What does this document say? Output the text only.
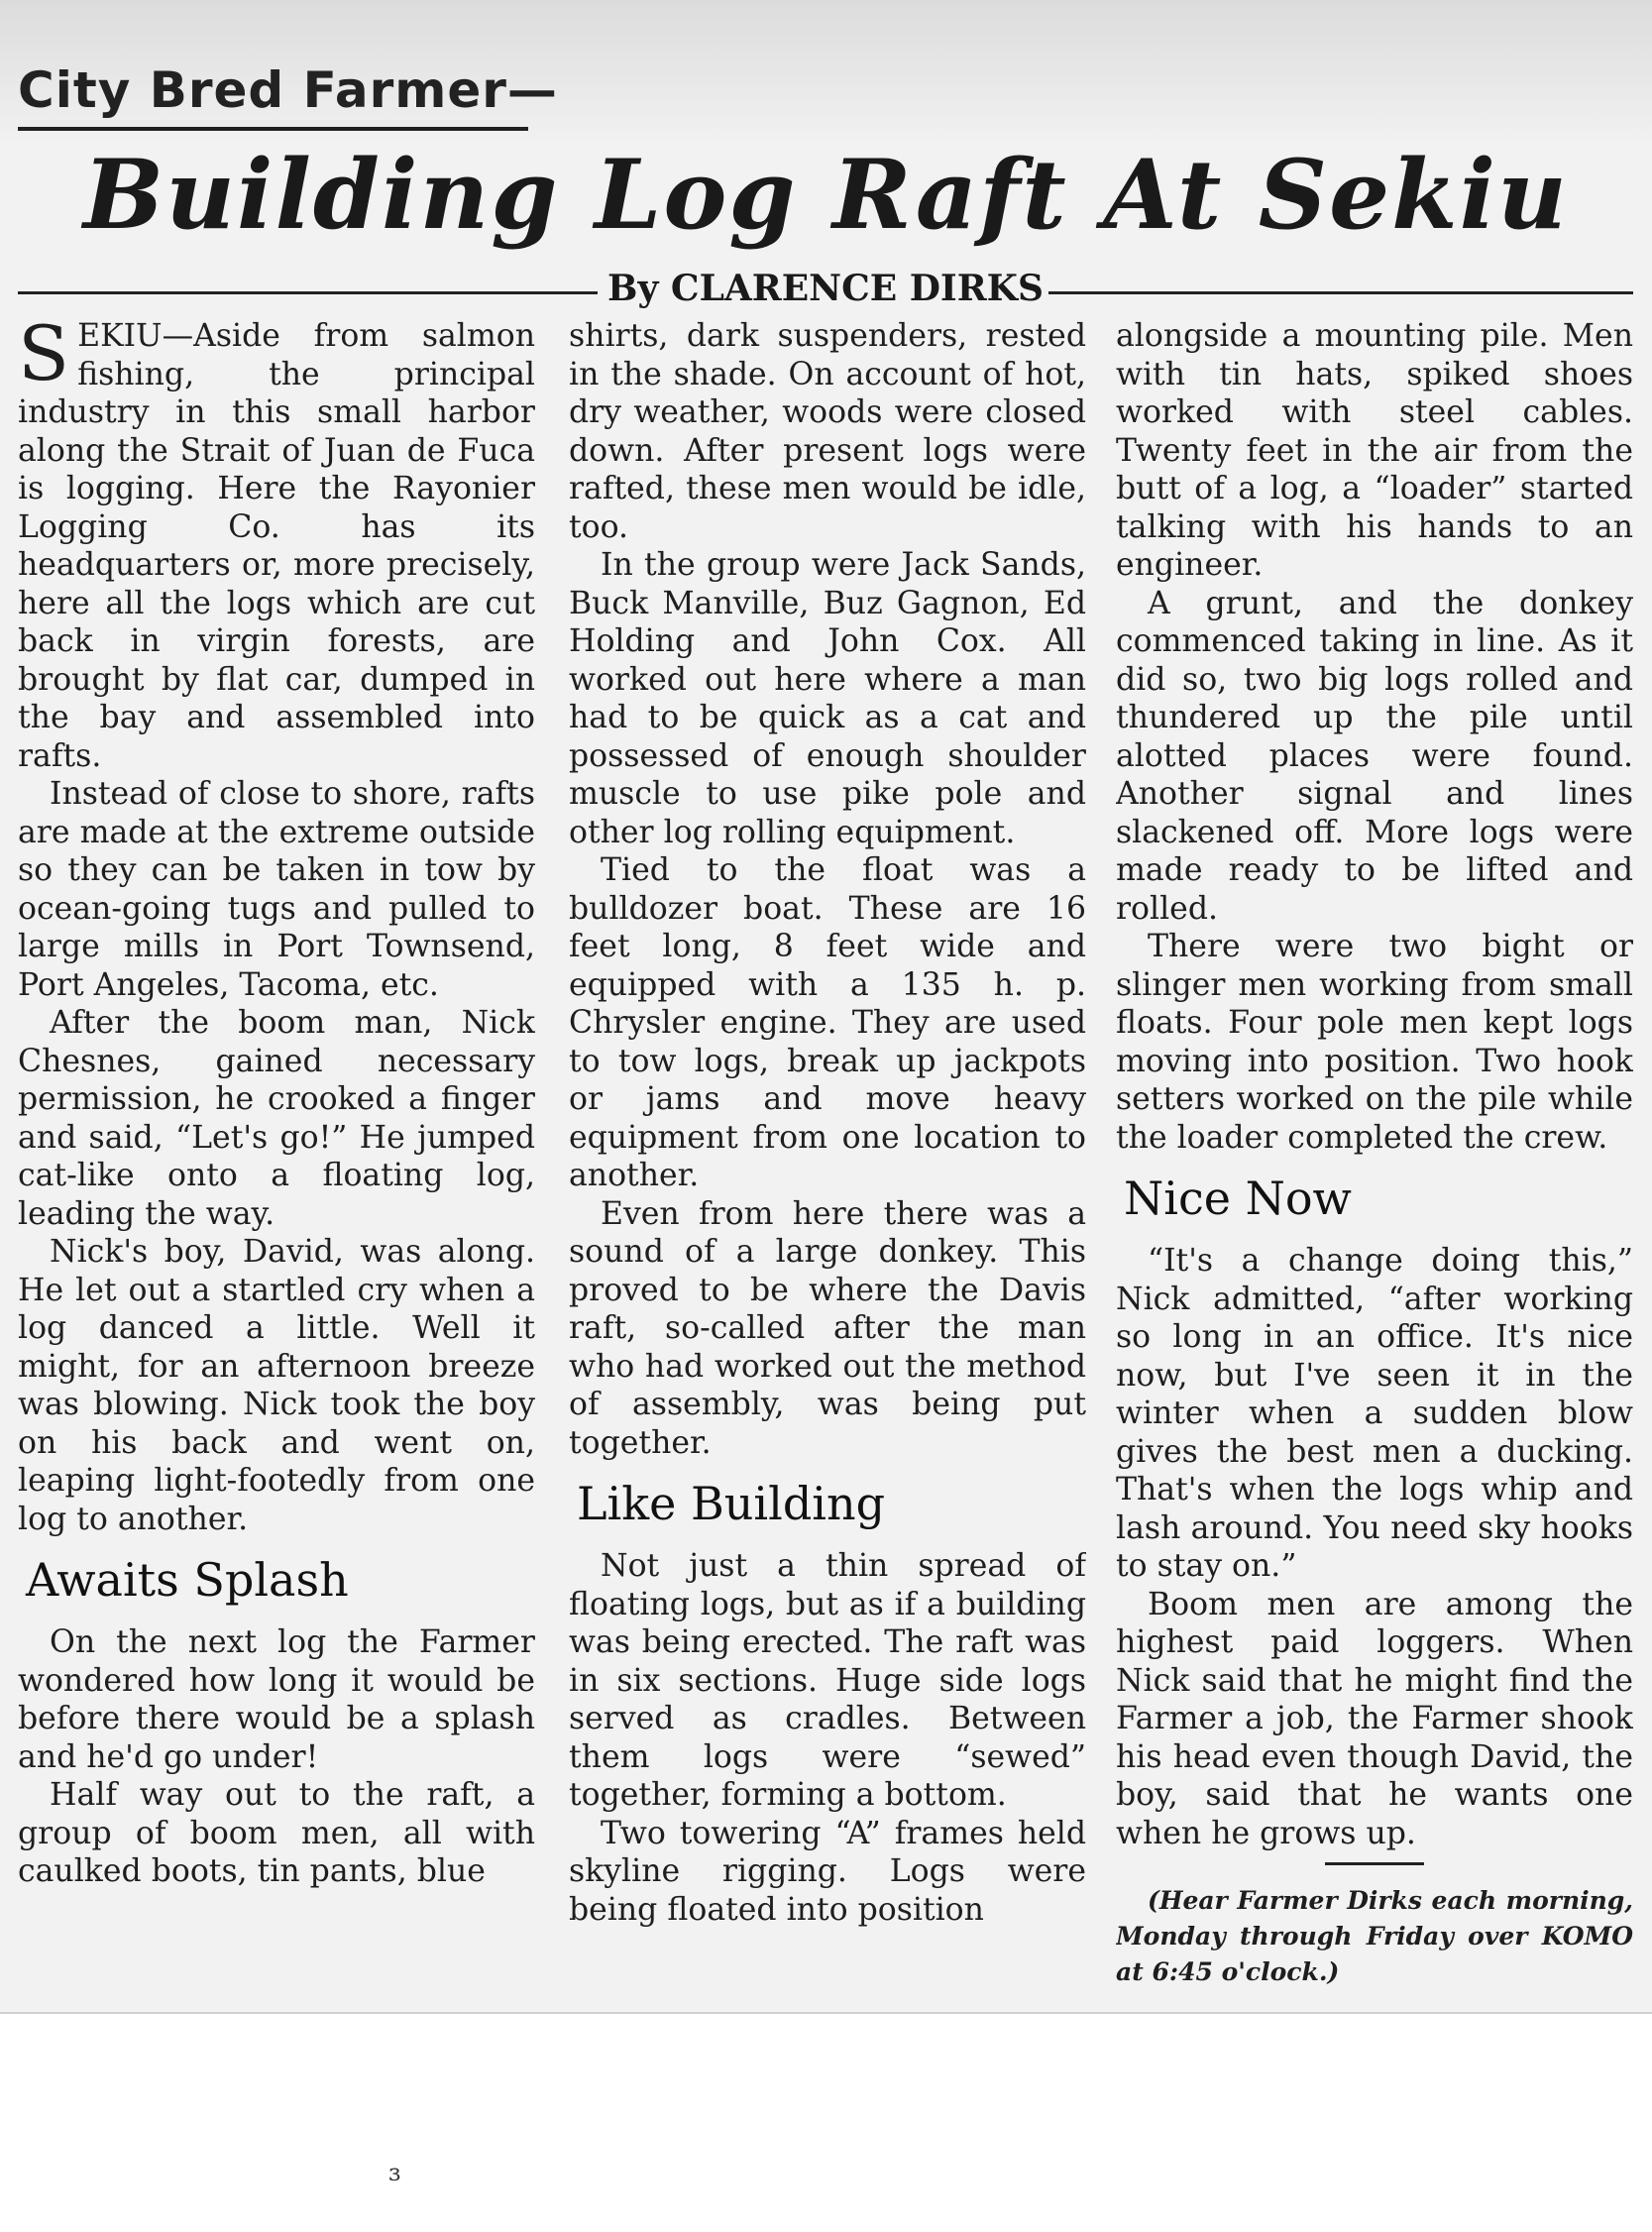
City Bred Farmer—
Building Log Raft At Sekiu
By CLARENCE DIRKS

SEKIU—Aside from salmon fishing, the principal industry in this small harbor along the Strait of Juan de Fuca is logging. Here the Rayonier Logging Co. has its headquarters or, more precisely, here all the logs which are cut back in virgin forests, are brought by flat car, dumped in the bay and assembled into rafts.

Instead of close to shore, rafts are made at the extreme outside so they can be taken in tow by ocean-going tugs and pulled to large mills in Port Townsend, Port Angeles, Tacoma, etc.

After the boom man, Nick Chesnes, gained necessary permission, he crooked a finger and said, “Let's go!” He jumped cat-like onto a floating log, leading the way.

Nick's boy, David, was along. He let out a startled cry when a log danced a little. Well it might, for an afternoon breeze was blowing. Nick took the boy on his back and went on, leaping light-footedly from one log to another.

Awaits Splash

On the next log the Farmer wondered how long it would be before there would be a splash and he'd go under!

Half way out to the raft, a group of boom men, all with caulked boots, tin pants, blue

shirts, dark suspenders, rested in the shade. On account of hot, dry weather, woods were closed down. After present logs were rafted, these men would be idle, too.

In the group were Jack Sands, Buck Manville, Buz Gagnon, Ed Holding and John Cox. All worked out here where a man had to be quick as a cat and possessed of enough shoulder muscle to use pike pole and other log rolling equipment.

Tied to the float was a bulldozer boat. These are 16 feet long, 8 feet wide and equipped with a 135 h. p. Chrysler engine. They are used to tow logs, break up jackpots or jams and move heavy equipment from one location to another.

Even from here there was a sound of a large donkey. This proved to be where the Davis raft, so-called after the man who had worked out the method of assembly, was being put together.

Like Building

Not just a thin spread of floating logs, but as if a building was being erected. The raft was in six sections. Huge side logs served as cradles. Between them logs were “sewed” together, forming a bottom.

Two towering “A” frames held skyline rigging. Logs were being floated into position

alongside a mounting pile. Men with tin hats, spiked shoes worked with steel cables. Twenty feet in the air from the butt of a log, a “loader” started talking with his hands to an engineer.

A grunt, and the donkey commenced taking in line. As it did so, two big logs rolled and thundered up the pile until alotted places were found. Another signal and lines slackened off. More logs were made ready to be lifted and rolled.

There were two bight or slinger men working from small floats. Four pole men kept logs moving into position. Two hook setters worked on the pile while the loader completed the crew.

Nice Now

“It's a change doing this,” Nick admitted, “after working so long in an office. It's nice now, but I've seen it in the winter when a sudden blow gives the best men a ducking. That's when the logs whip and lash around. You need sky hooks to stay on.”

Boom men are among the highest paid loggers. When Nick said that he might find the Farmer a job, the Farmer shook his head even though David, the boy, said that he wants one when he grows up.

(Hear Farmer Dirks each morning, Monday through Friday over KOMO at 6:45 o'clock.)

ɜ
